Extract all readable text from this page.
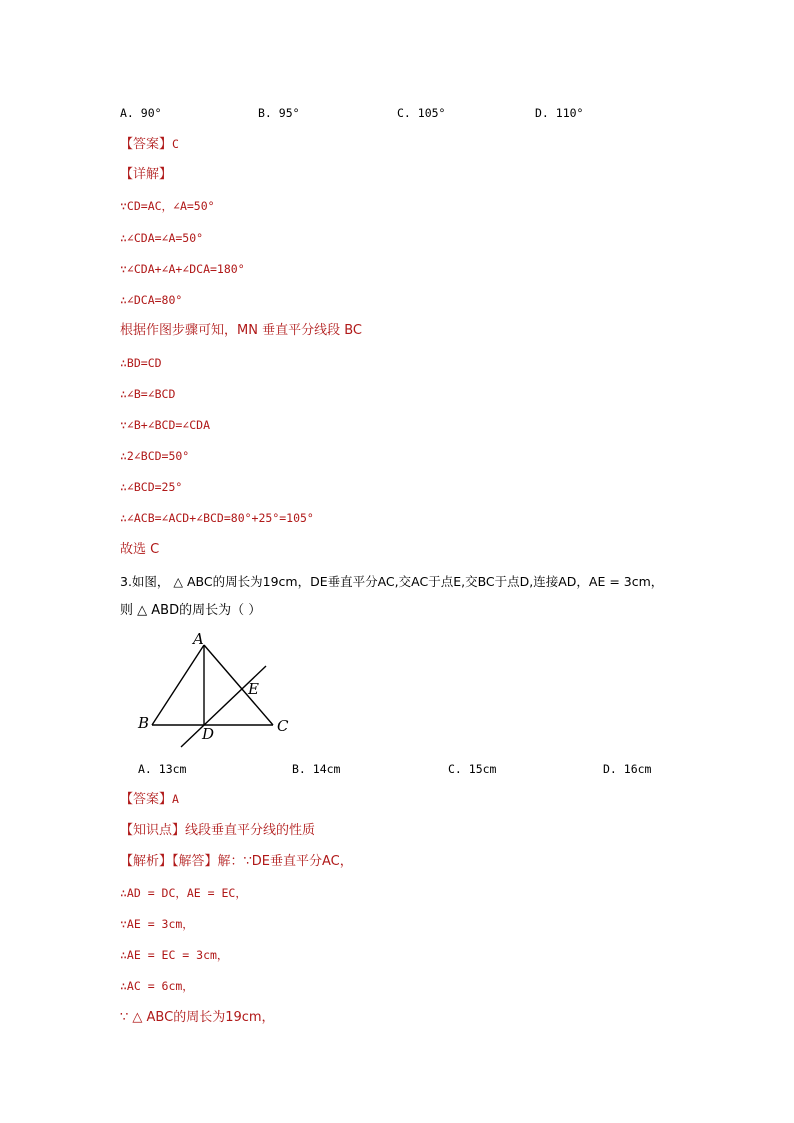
A. 90°	B. 95°	C. 105°	D. 110°
【答案】C
【详解】
∵CD=AC，∠A=50°
∴∠CDA=∠A=50°
∵∠CDA+∠A+∠DCA=180°
∴∠DCA=80°
根据作图步骤可知，MN 垂直平分线段 BC
∴BD=CD
∴∠B=∠BCD
∵∠B+∠BCD=∠CDA
∴2∠BCD=50°
∴∠BCD=25°
∴∠ACB=∠ACD+∠BCD=80°+25°=105°
故选 C
3.如图， △ ABC的周长为19cm，DE垂直平分AC,交AC于点E,交BC于点D,连接AD，AE = 3cm，
则 △ ABD的周长为（ ）
A
B	C
D
E
A. 13cm	B. 14cm	C. 15cm	D. 16cm
【答案】A
【知识点】线段垂直平分线的性质
【解析】【解答】解：∵DE垂直平分AC，
∴AD = DC，AE = EC，
∵AE = 3cm，
∴AE = EC = 3cm，
∴AC = 6cm，
∵ △ ABC的周长为19cm，
